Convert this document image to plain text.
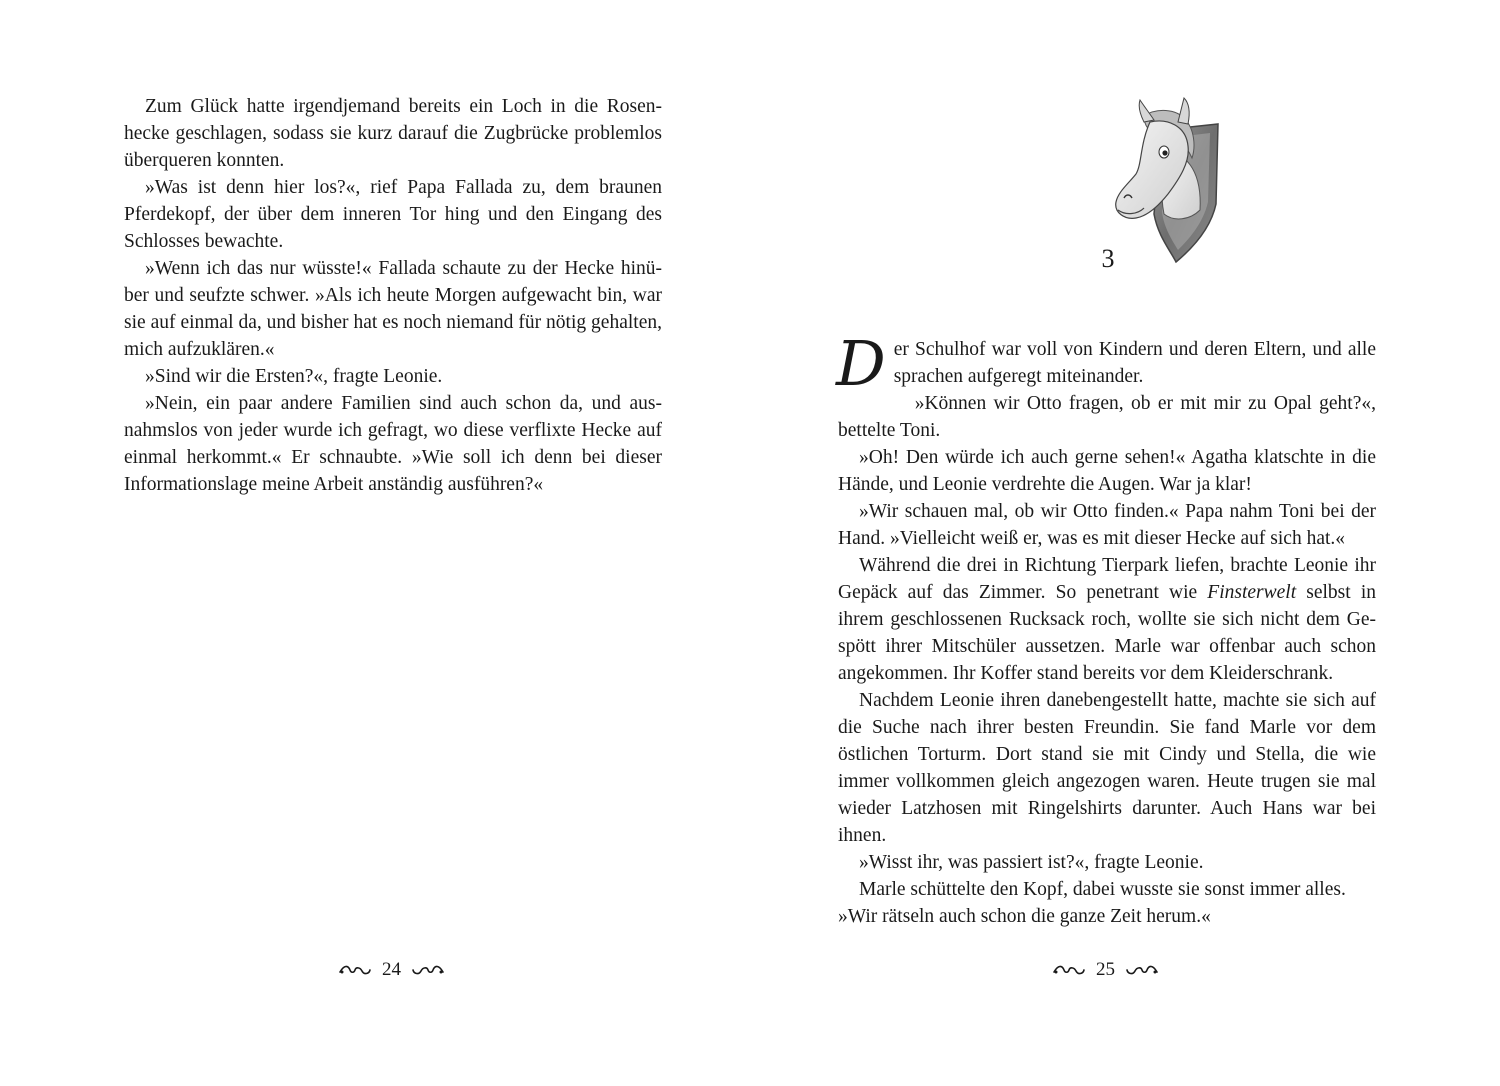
Zum Glück hatte irgendjemand bereits ein Loch in die Rosenhecke geschlagen, sodass sie kurz darauf die Zugbrücke problemlos überqueren konnten.

»Was ist denn hier los?«, rief Papa Fallada zu, dem braunen Pferdekopf, der über dem inneren Tor hing und den Eingang des Schlosses bewachte.

»Wenn ich das nur wüsste!« Fallada schaute zu der Hecke hinüber und seufzte schwer. »Als ich heute Morgen aufgewacht bin, war sie auf einmal da, und bisher hat es noch niemand für nötig gehalten, mich aufzuklären.«

»Sind wir die Ersten?«, fragte Leonie.

»Nein, ein paar andere Familien sind auch schon da, und ausnahmslos von jeder wurde ich gefragt, wo diese verflixte Hecke auf einmal herkommt.« Er schnaubte. »Wie soll ich denn bei dieser Informationslage meine Arbeit anständig ausführen?«

24
3

Der Schulhof war voll von Kindern und deren Eltern, und alle sprachen aufgeregt miteinander.

»Können wir Otto fragen, ob er mit mir zu Opal geht?«, bettelte Toni.

»Oh! Den würde ich auch gerne sehen!« Agatha klatschte in die Hände, und Leonie verdrehte die Augen. War ja klar!

»Wir schauen mal, ob wir Otto finden.« Papa nahm Toni bei der Hand. »Vielleicht weiß er, was es mit dieser Hecke auf sich hat.«

Während die drei in Richtung Tierpark liefen, brachte Leonie ihr Gepäck auf das Zimmer. So penetrant wie Finsterwelt selbst in ihrem geschlossenen Rucksack roch, wollte sie sich nicht dem Gespött ihrer Mitschüler aussetzen. Marle war offenbar auch schon angekommen. Ihr Koffer stand bereits vor dem Kleiderschrank.

Nachdem Leonie ihren danebengestellt hatte, machte sie sich auf die Suche nach ihrer besten Freundin. Sie fand Marle vor dem östlichen Torturm. Dort stand sie mit Cindy und Stella, die wie immer vollkommen gleich angezogen waren. Heute trugen sie mal wieder Latzhosen mit Ringelshirts darunter. Auch Hans war bei ihnen.

»Wisst ihr, was passiert ist?«, fragte Leonie.

Marle schüttelte den Kopf, dabei wusste sie sonst immer alles.

»Wir rätseln auch schon die ganze Zeit herum.«

25
